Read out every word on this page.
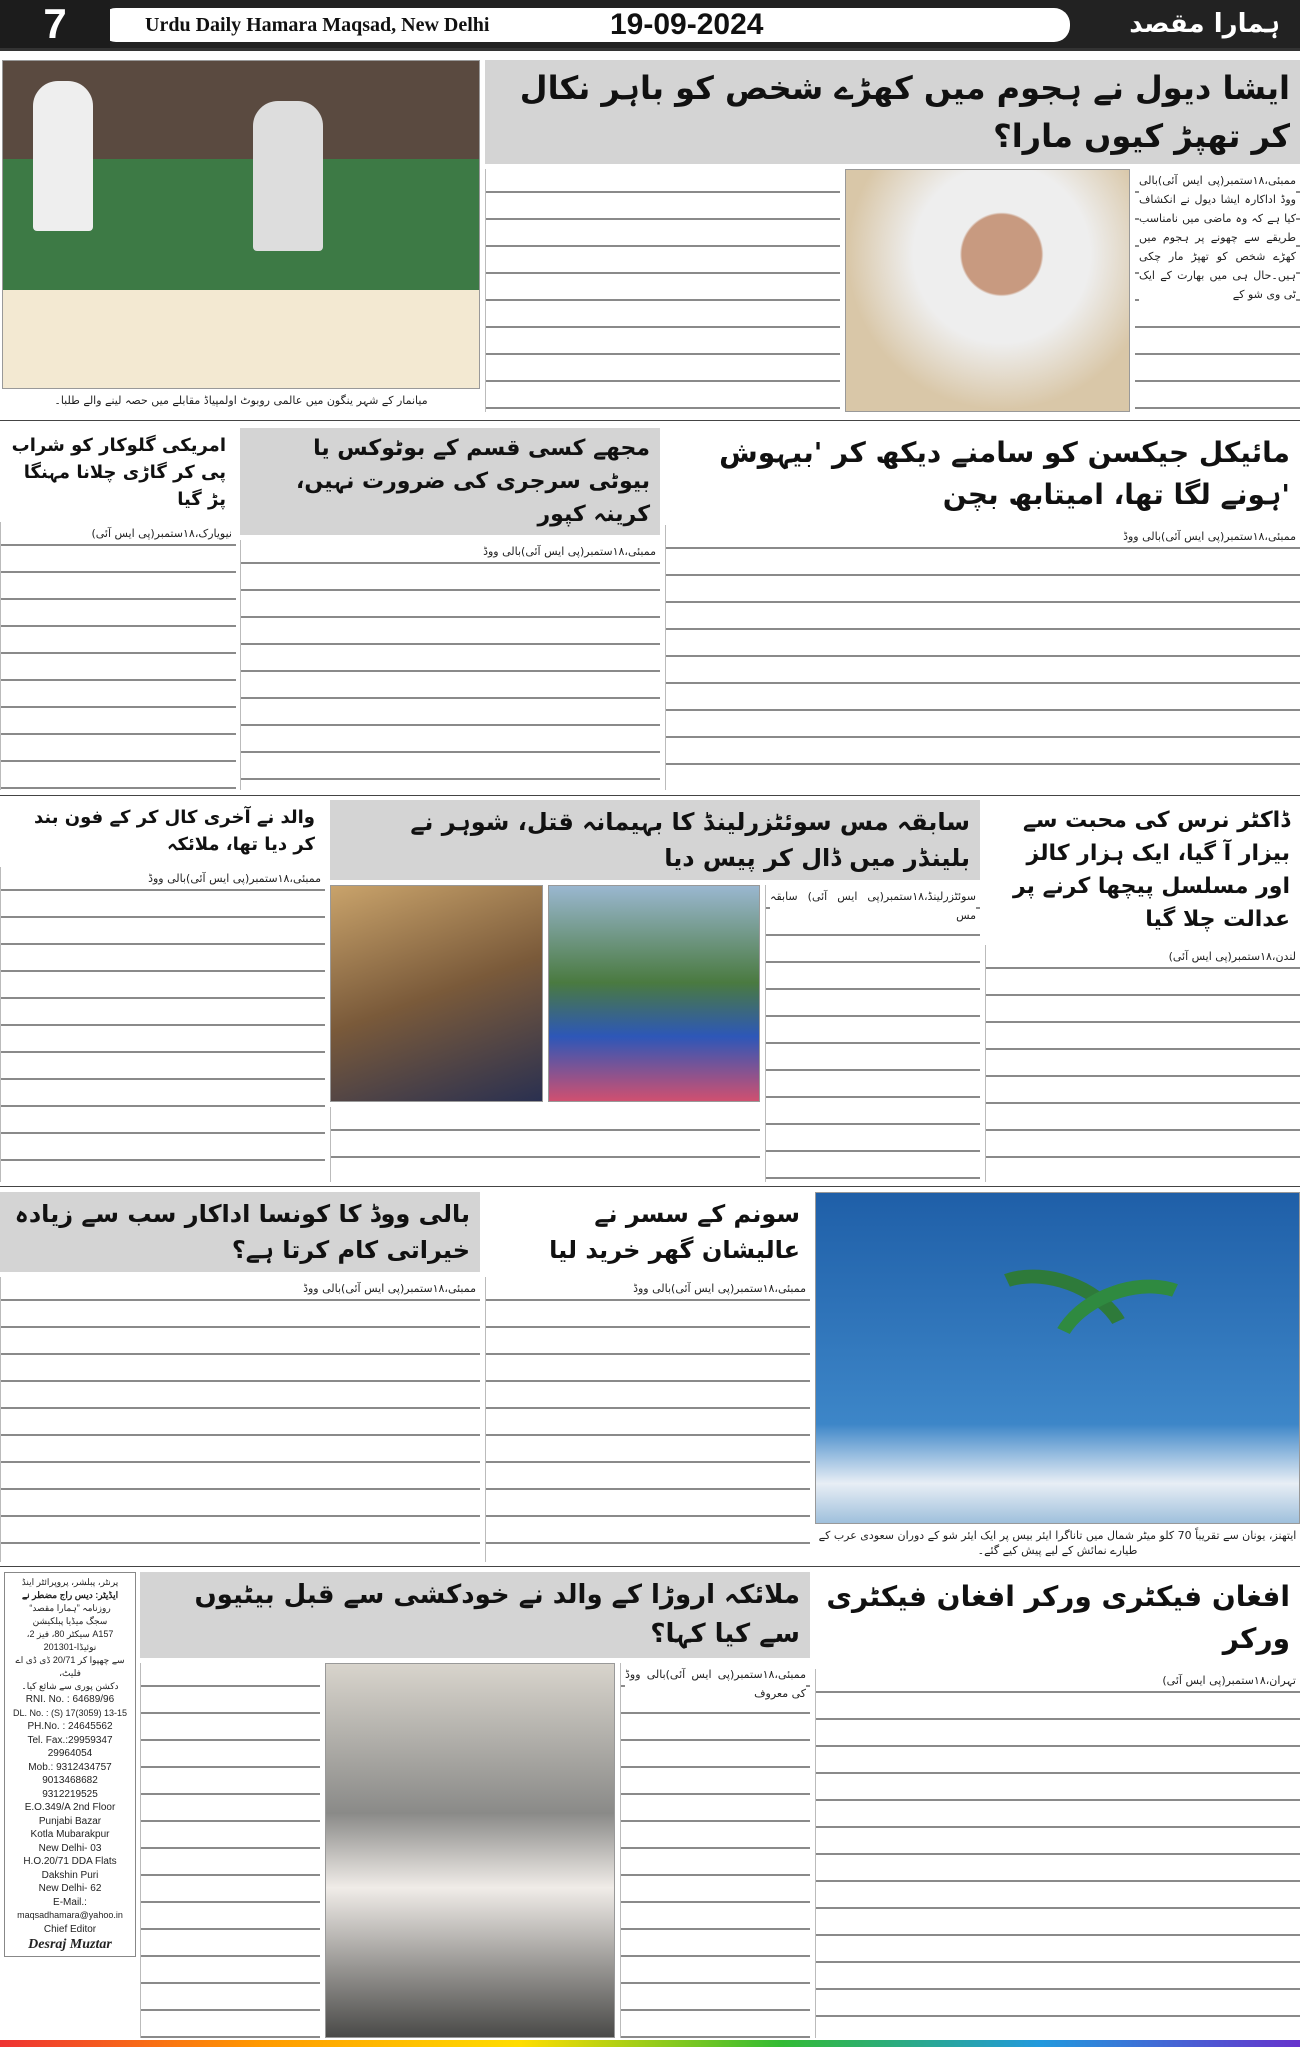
7	Urdu Daily Hamara Maqsad, New Delhi	19-09-2024	ہمارا مقصد
میانمار کے شہر ینگون میں عالمی روبوٹ اولمپیاڈ مقابلے میں حصہ لینے والے طلبا۔
ایشا دیول نے ہجوم میں کھڑے شخص کو باہر نکال کر تھپڑ کیوں مارا؟
ممبئی،۱۸ستمبر(پی ایس آئی)بالی ووڈ اداکارہ ایشا دیول نے انکشاف کیا ہے کہ وہ ماضی میں نامناسب طریقے سے چھونے پر ہجوم میں کھڑے شخص کو تھپڑ مار چکی ہیں۔حال ہی میں بھارت کے ایک ٹی وی شو کے
مائیکل جیکسن کو سامنے دیکھ کر 'بیہوش 'ہونے لگا تھا، امیتابھ بچن
ممبئی،۱۸ستمبر(پی ایس آئی)بالی ووڈ
مجھے کسی قسم کے بوٹوکس یا بیوٹی سرجری کی ضرورت نہیں، کرینہ کپور
ممبئی،۱۸ستمبر(پی ایس آئی)بالی ووڈ
امریکی گلوکار کو شراب پی کر گاڑی چلانا مہنگا پڑ گیا
نیویارک،۱۸ستمبر(پی ایس آئی)
ڈاکٹر نرس کی محبت سے بیزار آ گیا، ایک ہزار کالز اور مسلسل پیچھا کرنے پر عدالت چلا گیا
لندن،۱۸ستمبر(پی ایس آئی)
سابقہ مس سوئٹزرلینڈ کا بہیمانہ قتل، شوہر نے بلینڈر میں ڈال کر پیس دیا
سوئٹزرلینڈ،۱۸ستمبر(پی ایس آئی) سابقہ مس
والد نے آخری کال کر کے فون بند کر دیا تھا، ملائکہ
ممبئی،۱۸ستمبر(پی ایس آئی)بالی ووڈ
بالی ووڈ کا کونسا اداکار سب سے زیادہ خیراتی کام کرتا ہے؟
ممبئی،۱۸ستمبر(پی ایس آئی)بالی ووڈ
سونم کے سسر نے عالیشان گھر خرید لیا
ممبئی،۱۸ستمبر(پی ایس آئی)بالی ووڈ
ایتھنز، یونان سے تقریباً 70 کلو میٹر شمال میں تاناگرا ایئر بیس پر ایک ایئر شو کے دوران سعودی عرب کے طیارے نمائش کے لیے پیش کیے گئے۔
پرنٹر، پبلشر، پروپرائٹر اینڈ
ایڈیٹر: دیس راج مضطر نے
روزنامہ ”ہمارا مقصد“
سجگ میڈیا پبلکیشن
A157 سیکٹر 80، فیز 2، نوئیڈا-201301
سے چھپوا کر 20/71 ڈی ڈی اے فلیٹ،
دکشن پوری سے شائع کیا۔
RNI. No. : 64689/96
DL. No. : (S) 17(3059) 13-15
PH.No. : 24645562
Tel. Fax.:29959347
29964054
Mob.: 9312434757
9013468682
9312219525
E.O.349/A 2nd Floor
Punjabi Bazar
Kotla Mubarakpur
New Delhi- 03
H.O.20/71 DDA Flats
Dakshin Puri
New Delhi- 62
E-Mail.:
maqsadhamara@yahoo.in
Chief Editor
Desraj Muztar
ملائکہ اروڑا کے والد نے خودکشی سے قبل بیٹیوں سے کیا کہا؟
ممبئی،۱۸ستمبر(پی ایس آئی)بالی ووڈ کی معروف
افغان فیکٹری ورکر افغان فیکٹری ورکر
تہران،۱۸ستمبر(پی ایس آئی)
